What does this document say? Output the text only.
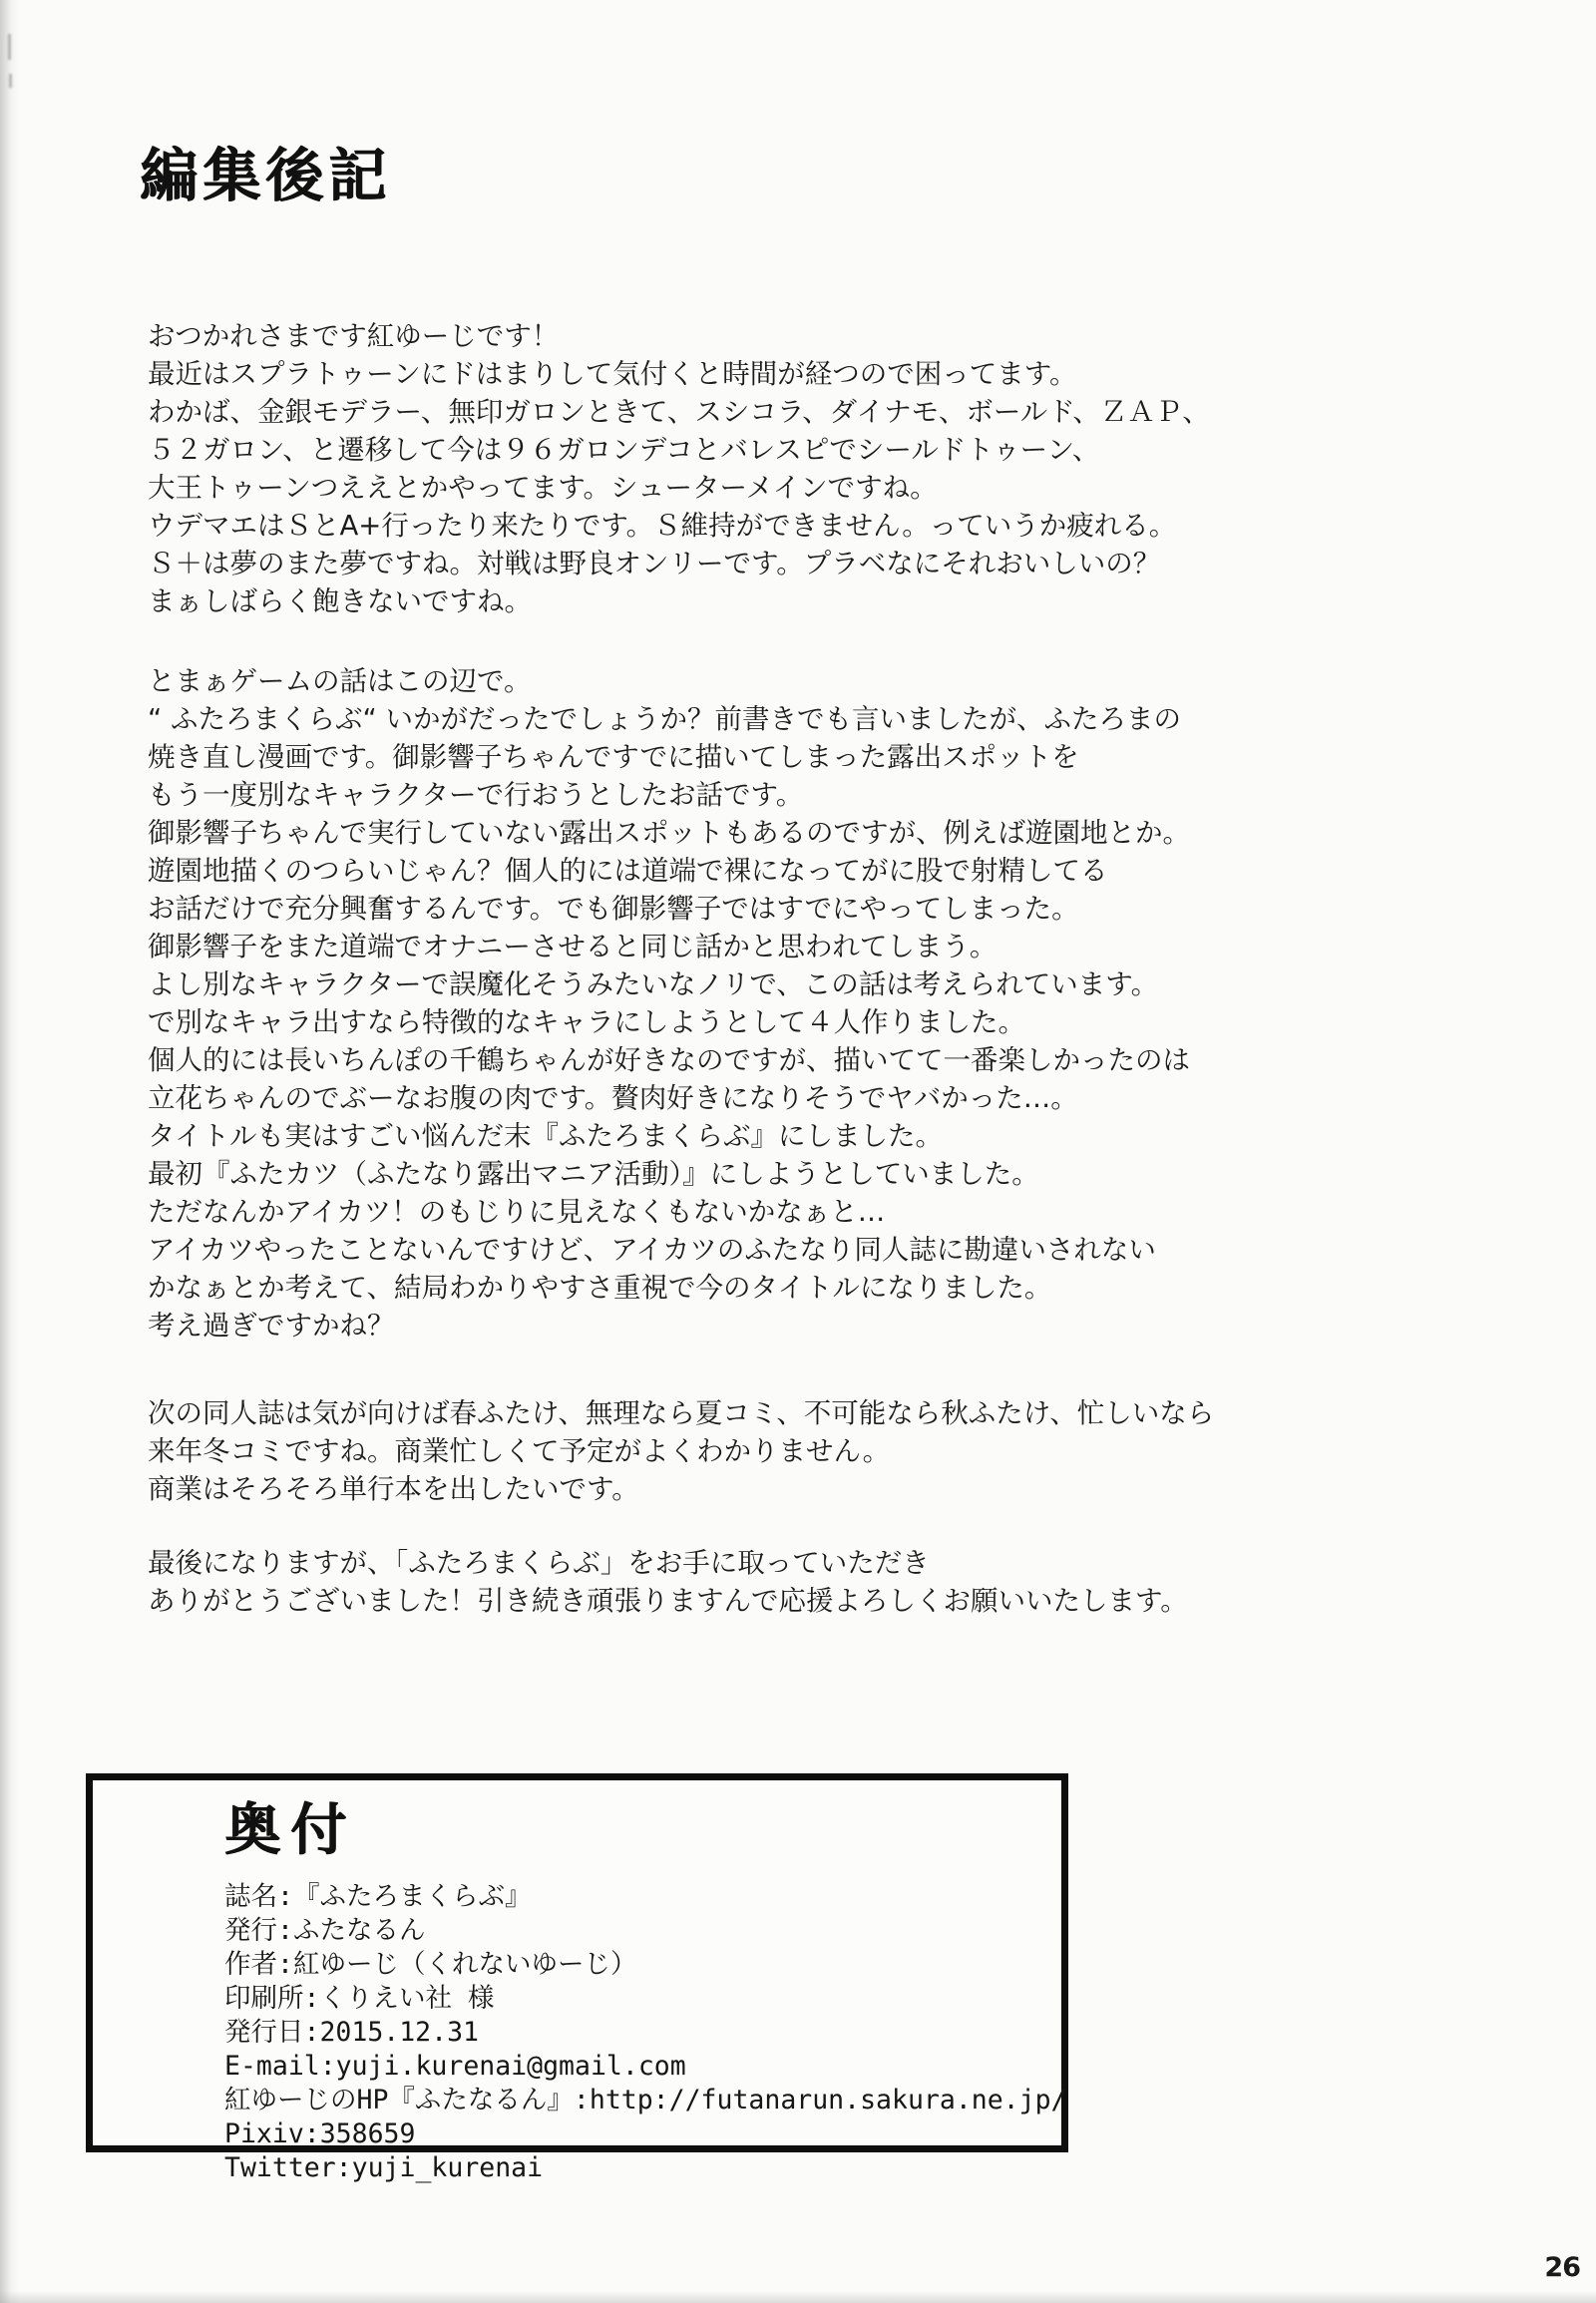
編集後記
おつかれさまです紅ゆーじです！
最近はスプラトゥーンにドはまりして気付くと時間が経つので困ってます。
わかば、金銀モデラー、無印ガロンときて、スシコラ、ダイナモ、ボールド、ＺＡＰ、
５２ガロン、と遷移して今は９６ガロンデコとバレスピでシールドトゥーン、
大王トゥーンつええとかやってます。シューターメインですね。
ウデマエはＳとA+行ったり来たりです。Ｓ維持ができません。っていうか疲れる。
Ｓ＋は夢のまた夢ですね。対戦は野良オンリーです。プラベなにそれおいしいの？
まぁしばらく飽きないですね。
とまぁゲームの話はこの辺で。
“ ふたろまくらぶ“ いかがだったでしょうか？前書きでも言いましたが、ふたろまの
焼き直し漫画です。御影響子ちゃんですでに描いてしまった露出スポットを
もう一度別なキャラクターで行おうとしたお話です。
御影響子ちゃんで実行していない露出スポットもあるのですが、例えば遊園地とか。
遊園地描くのつらいじゃん？個人的には道端で裸になってがに股で射精してる
お話だけで充分興奮するんです。でも御影響子ではすでにやってしまった。
御影響子をまた道端でオナニーさせると同じ話かと思われてしまう。
よし別なキャラクターで誤魔化そうみたいなノリで、この話は考えられています。
で別なキャラ出すなら特徴的なキャラにしようとして４人作りました。
個人的には長いちんぽの千鶴ちゃんが好きなのですが、描いてて一番楽しかったのは
立花ちゃんのでぶーなお腹の肉です。贅肉好きになりそうでヤバかった…。
タイトルも実はすごい悩んだ末『ふたろまくらぶ』にしました。
最初『ふたカツ（ふたなり露出マニア活動）』にしようとしていました。
ただなんかアイカツ！のもじりに見えなくもないかなぁと…
アイカツやったことないんですけど、アイカツのふたなり同人誌に勘違いされない
かなぁとか考えて、結局わかりやすさ重視で今のタイトルになりました。
考え過ぎですかね？
次の同人誌は気が向けば春ふたけ、無理なら夏コミ、不可能なら秋ふたけ、忙しいなら
来年冬コミですね。商業忙しくて予定がよくわかりません。
商業はそろそろ単行本を出したいです。
最後になりますが、「ふたろまくらぶ」をお手に取っていただき
ありがとうございました！引き続き頑張りますんで応援よろしくお願いいたします。
奥付
誌名:『ふたろまくらぶ』
発行:ふたなるん
作者:紅ゆーじ（くれないゆーじ）
印刷所:くりえい社 様
発行日:2015.12.31
E-mail:yuji.kurenai@gmail.com
紅ゆーじのHP『ふたなるん』:http://futanarun.sakura.ne.jp/
Pixiv:358659
Twitter:yuji_kurenai
26
